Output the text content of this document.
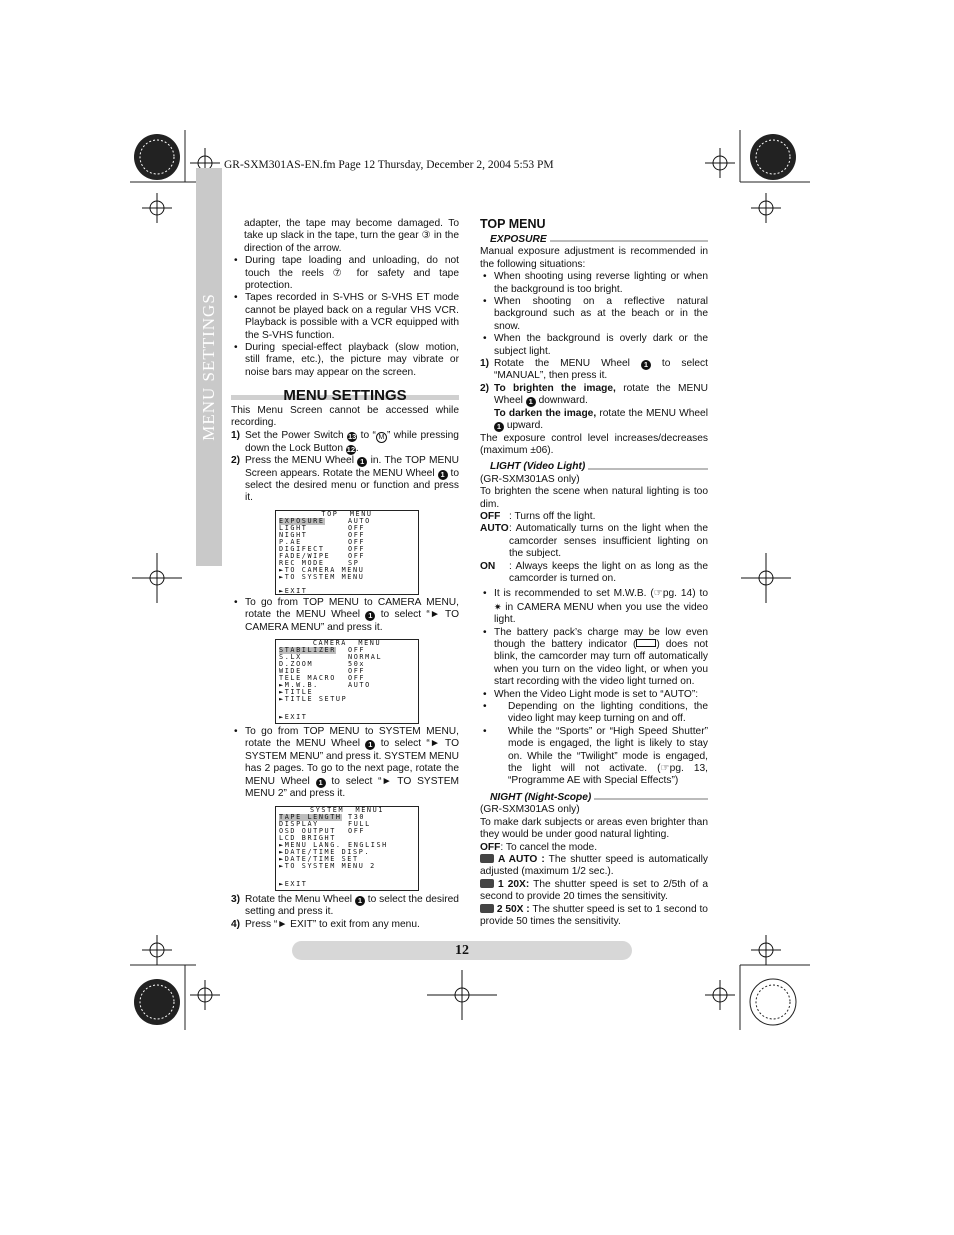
GR-SXM301AS-EN.fm Page 12 Thursday, December 2, 2004 5:53 PM
MENU SETTINGS

adapter, the tape may become damaged. To take up slack in the tape, turn the gear ③ in the direction of the arrow.

• During tape loading and unloading, do not touch the reels ⑦ for safety and tape protection.

• Tapes recorded in S-VHS or S-VHS ET mode cannot be played back on a regular VHS VCR. Playback is possible with a VCR equipped with the S-VHS function.

• During special-effect playback (slow motion, still frame, etc.), the picture may vibrate or noise bars may appear on the screen.

MENU SETTINGS

This Menu Screen cannot be accessed while recording.

1) Set the Power Switch 13 to “ M ” while pressing down the Lock Button 12.

2) Press the MENU Wheel 1 in. The TOP MENU Screen appears. Rotate the MENU Wheel 1 to select the desired menu or function and press it.

TOP  MENU
EXPOSURE	AUTO
LIGHT	OFF
NIGHT	OFF
P.AE	OFF
DIGIFECT	OFF
FADE/WIPE	OFF
REC MODE	SP
►TO CAMERA MENU
►TO SYSTEM MENU
►EXIT

• To go from TOP MENU to CAMERA MENU, rotate the MENU Wheel 1 to select “► TO CAMERA MENU” and press it.

CAMERA  MENU
STABILIZER OFF
S.LX	NORMAL
D.ZOOM	50x
WIDE	OFF
TELE MACRO OFF
►M.W.B.	AUTO
►TITLE
►TITLE SETUP
►EXIT

• To go from TOP MENU to SYSTEM MENU, rotate the MENU Wheel 1 to select “► TO SYSTEM MENU” and press it. SYSTEM MENU has 2 pages. To go to the next page, rotate the MENU Wheel 1 to select “► TO SYSTEM MENU 2” and press it.

SYSTEM  MENU1
TAPE LENGTH T30
DISPLAY	FULL
OSD OUTPUT OFF
LCD BRIGHT
►MENU LANG. ENGLISH
►DATE/TIME DISP.
►DATE/TIME SET
►TO SYSTEM MENU 2
►EXIT

3) Rotate the Menu Wheel 1 to select the desired setting and press it.

4) Press “► EXIT” to exit from any menu.

TOP MENU

EXPOSURE

Manual exposure adjustment is recommended in the following situations:

• When shooting using reverse lighting or when the background is too bright.

• When shooting on a reflective natural background such as at the beach or in the snow.

• When the background is overly dark or the subject light.

1) Rotate the MENU Wheel 1 to select “MANUAL”, then press it.

2) To brighten the image, rotate the MENU Wheel 1 downward.
To darken the image, rotate the MENU Wheel 1 upward.

The exposure control level increases/decreases (maximum ±06).

LIGHT (Video Light)

(GR-SXM301AS only)

To brighten the scene when natural lighting is too dim.

OFF : Turns off the light.
AUTO : Automatically turns on the light when the camcorder senses insufficient lighting on the subject.
ON	: Always keeps the light on as long as the camcorder is turned on.

• It is recommended to set M.W.B. (☞pg. 14) to ✷ in CAMERA MENU when you use the video light.

• The battery pack’s charge may be low even though the battery indicator ( ) does not blink, the camcorder may turn off automatically when you turn on the video light, or when you start recording with the video light turned on.

• When the Video Light mode is set to “AUTO”:

• Depending on the lighting conditions, the video light may keep turning on and off.

• While the “Sports” or “High Speed Shutter” mode is engaged, the light is likely to stay on. While the “Twilight” mode is engaged, the light will not activate. (☞pg. 13, “Programme AE with Special Effects”)

NIGHT (Night-Scope)

(GR-SXM301AS only)

To make dark subjects or areas even brighter than they would be under good natural lighting.

OFF: To cancel the mode.

A AUTO : The shutter speed is automatically adjusted (maximum 1/2 sec.).

1 20X: The shutter speed is set to 2/5th of a second to provide 20 times the sensitivity.

2 50X : The shutter speed is set to 1 second to provide 50 times the sensitivity.

12
